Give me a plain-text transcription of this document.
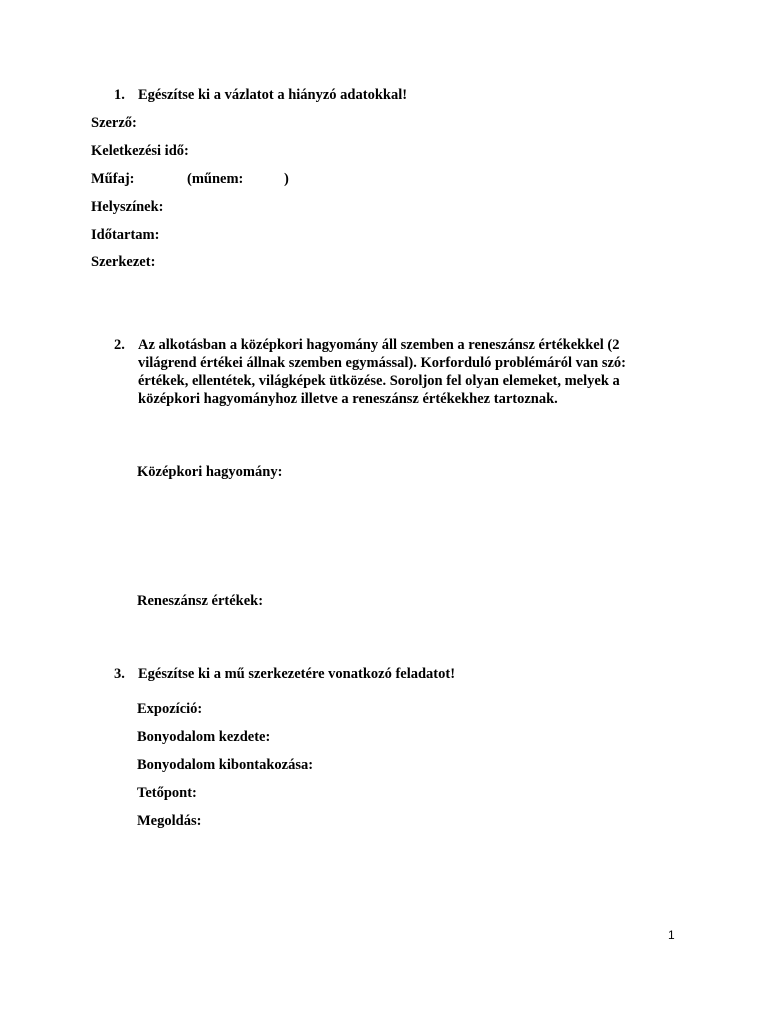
1. Egészítse ki a vázlatot a hiányzó adatokkal!
Szerző:
Keletkezési idő:
Műfaj:	(műnem:	)
Helyszínek:
Időtartam:
Szerkezet:
2. Az alkotásban a középkori hagyomány áll szemben a reneszánsz értékekkel (2
világrend értékei állnak szemben egymással). Korforduló problémáról van szó:
értékek, ellentétek, világképek ütközése. Soroljon fel olyan elemeket, melyek a
középkori hagyományhoz illetve a reneszánsz értékekhez tartoznak.
Középkori hagyomány:
Reneszánsz értékek:
3. Egészítse ki a mű szerkezetére vonatkozó feladatot!
Expozíció:
Bonyodalom kezdete:
Bonyodalom kibontakozása:
Tetőpont:
Megoldás:
1
